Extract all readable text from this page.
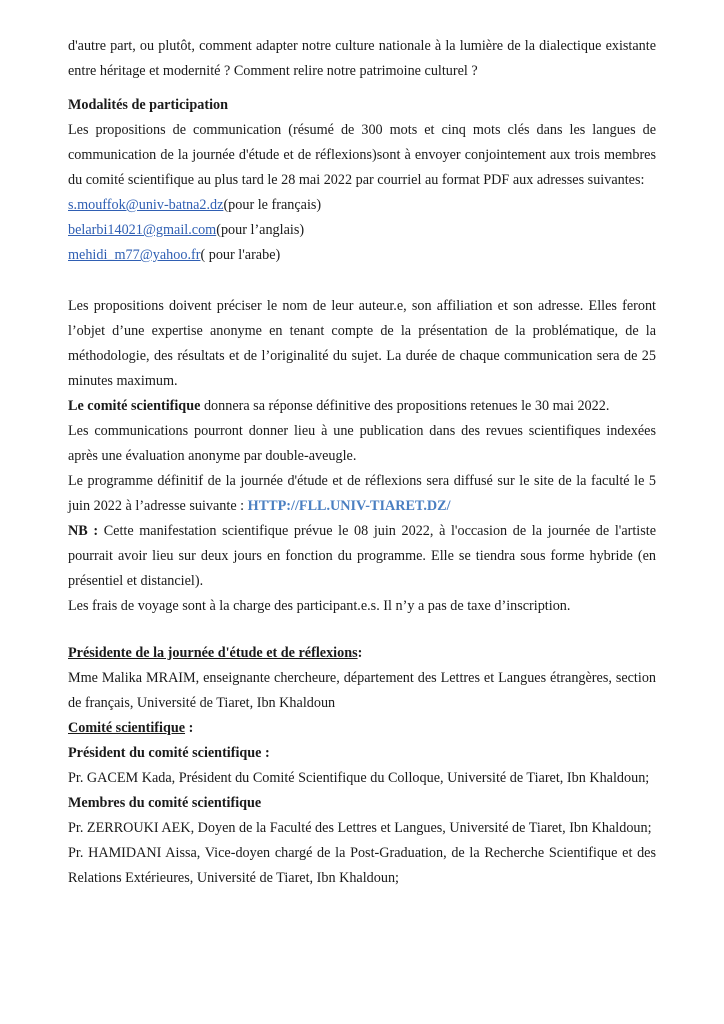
d'autre part, ou plutôt, comment adapter notre culture nationale à la lumière de la dialectique existante entre héritage et modernité ? Comment relire notre patrimoine culturel ?

Modalités de participation

Les propositions de communication (résumé de 300 mots et cinq mots clés dans les langues de communication de la journée d'étude et de réflexions)sont à envoyer conjointement aux trois membres du comité scientifique au plus tard le 28 mai 2022 par courriel au format PDF aux adresses suivantes:

s.mouffok@univ-batna2.dz(pour le français)

belarbi14021@gmail.com(pour l’anglais)

mehidi_m77@yahoo.fr( pour l'arabe)

Les propositions doivent préciser le nom de leur auteur.e, son affiliation et son adresse. Elles feront l’objet d’une expertise anonyme en tenant compte de la présentation de la problématique, de la méthodologie, des résultats et de l’originalité du sujet. La durée de chaque communication sera de 25 minutes maximum.

Le comité scientifique donnera sa réponse définitive des propositions retenues le 30 mai 2022.

Les communications pourront donner lieu à une publication dans des revues scientifiques indexées après une évaluation anonyme par double-aveugle.

Le programme définitif de la journée d'étude et de réflexions sera diffusé sur le site de la faculté le 5 juin 2022 à l’adresse suivante : HTTP://FLL.UNIV-TIARET.DZ/

NB : Cette manifestation scientifique prévue le 08 juin 2022, à l'occasion de la journée de l'artiste pourrait avoir lieu sur deux jours en fonction du programme. Elle se tiendra sous forme hybride (en présentiel et distanciel).

Les frais de voyage sont à la charge des participant.e.s. Il n’y a pas de taxe d’inscription.

Présidente de la journée d'étude et de réflexions:

Mme Malika MRAIM, enseignante chercheure, département des Lettres et Langues étrangères, section de français, Université de Tiaret, Ibn Khaldoun

Comité scientifique :

Président du comité scientifique :

Pr. GACEM Kada, Président du Comité Scientifique du Colloque, Université de Tiaret, Ibn Khaldoun;

Membres du comité scientifique

Pr. ZERROUKI AEK, Doyen de la Faculté des Lettres et Langues, Université de Tiaret, Ibn Khaldoun;

Pr. HAMIDANI Aissa, Vice-doyen chargé de la Post-Graduation, de la Recherche Scientifique et des Relations Extérieures, Université de Tiaret, Ibn Khaldoun;
